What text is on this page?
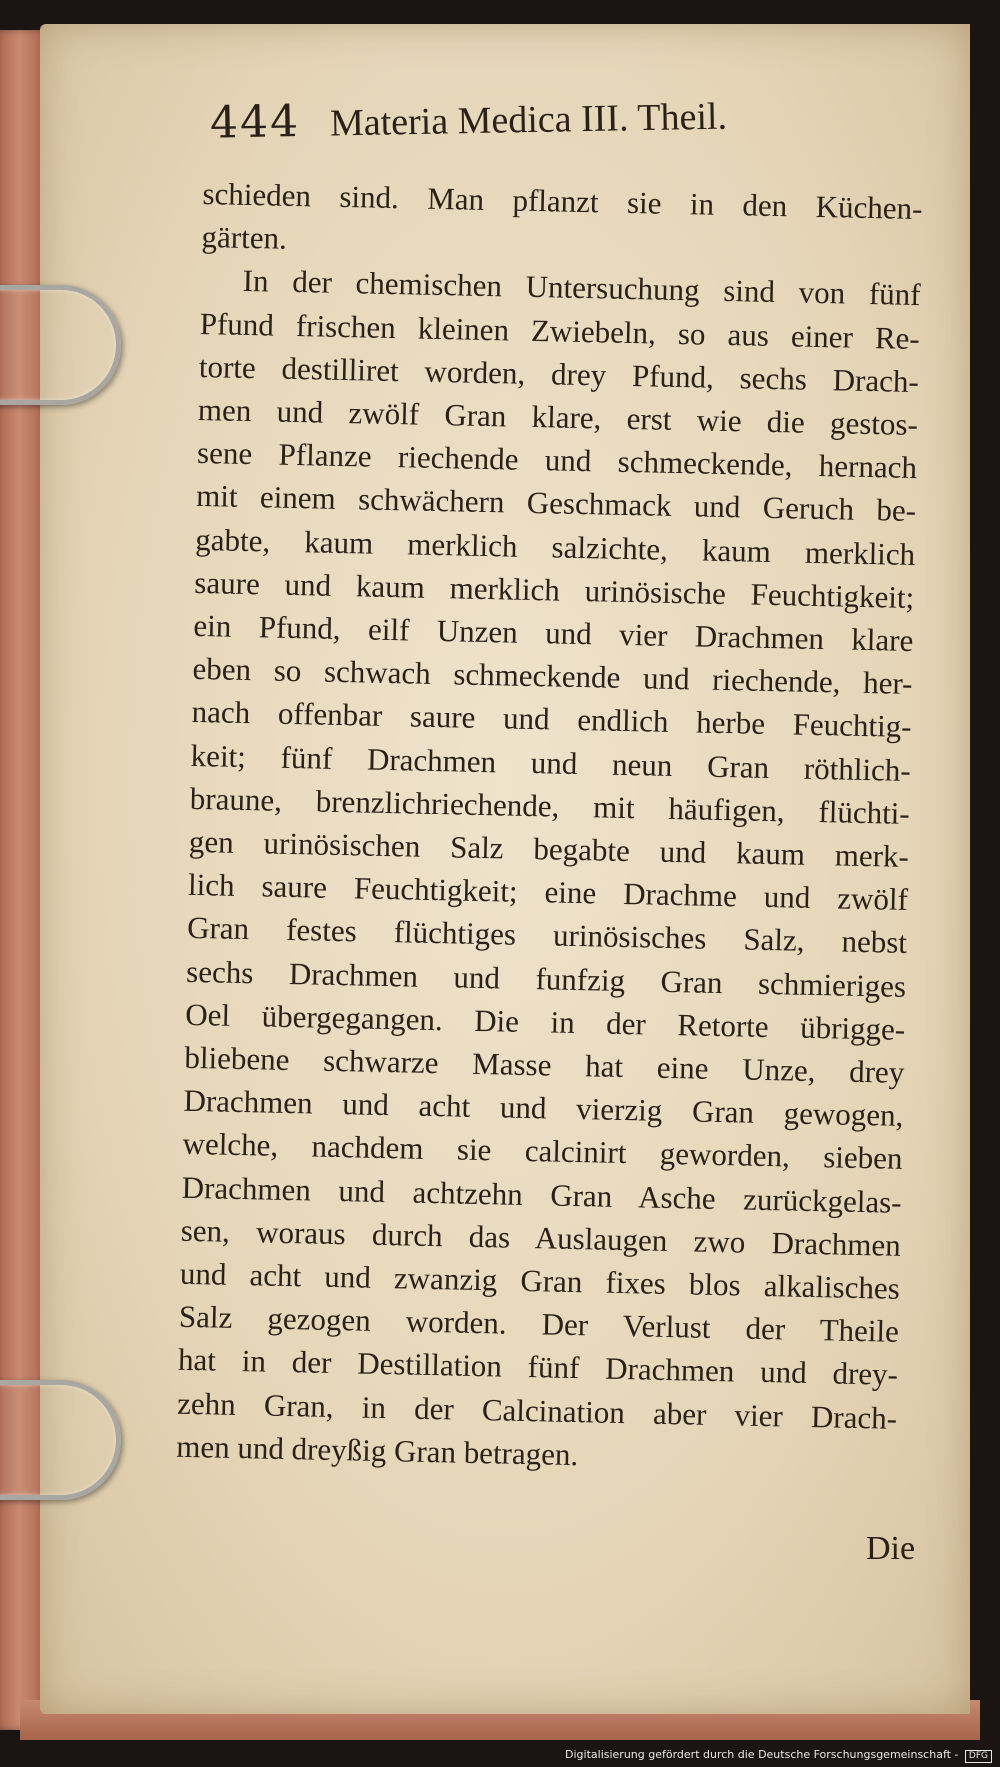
444 Materia Medica III. Theil.
schieden sind. Man pflanzt sie in den Küchen-
gärten.
In der chemischen Untersuchung sind von fünf
Pfund frischen kleinen Zwiebeln, so aus einer Re-
torte destilliret worden, drey Pfund, sechs Drach-
men und zwölf Gran klare, erst wie die gestos-
sene Pflanze riechende und schmeckende, hernach
mit einem schwächern Geschmack und Geruch be-
gabte, kaum merklich salzichte, kaum merklich
saure und kaum merklich urinösische Feuchtigkeit;
ein Pfund, eilf Unzen und vier Drachmen klare
eben so schwach schmeckende und riechende, her-
nach offenbar saure und endlich herbe Feuchtig-
keit; fünf Drachmen und neun Gran röthlich-
braune, brenzlichriechende, mit häufigen, flüchti-
gen urinösischen Salz begabte und kaum merk-
lich saure Feuchtigkeit; eine Drachme und zwölf
Gran festes flüchtiges urinösisches Salz, nebst
sechs Drachmen und funfzig Gran schmieriges
Oel übergegangen. Die in der Retorte übrigge-
bliebene schwarze Masse hat eine Unze, drey
Drachmen und acht und vierzig Gran gewogen,
welche, nachdem sie calcinirt geworden, sieben
Drachmen und achtzehn Gran Asche zurückgelas-
sen, woraus durch das Auslaugen zwo Drachmen
und acht und zwanzig Gran fixes blos alkalisches
Salz gezogen worden. Der Verlust der Theile
hat in der Destillation fünf Drachmen und drey-
zehn Gran, in der Calcination aber vier Drach-
men und dreyßig Gran betragen.
Die
Digitalisierung gefördert durch die Deutsche Forschungsgemeinschaft - DFG
